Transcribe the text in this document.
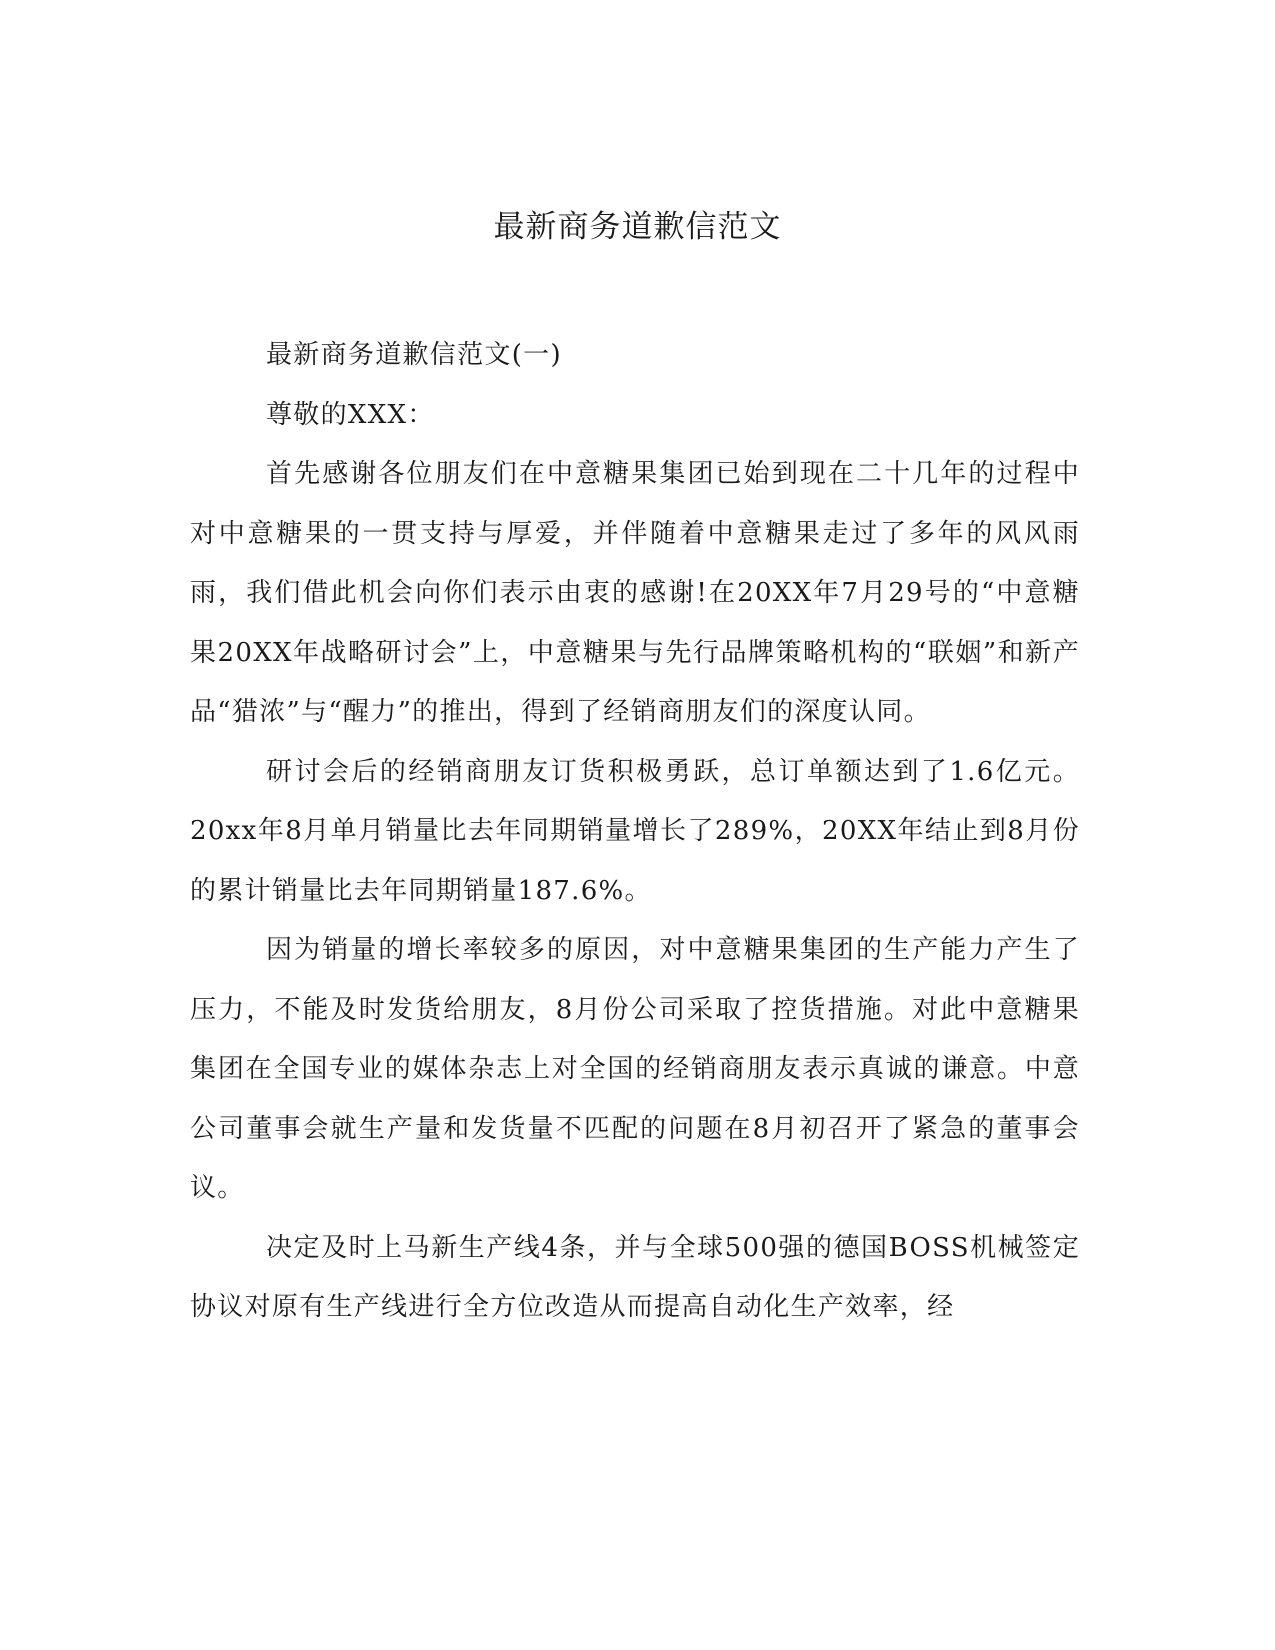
最新商务道歉信范文

最新商务道歉信范文(一)

尊敬的XXX：

首先感谢各位朋友们在中意糖果集团已始到现在二十几年的过程中对中意糖果的一贯支持与厚爱，并伴随着中意糖果走过了多年的风风雨雨，我们借此机会向你们表示由衷的感谢!在20XX年7月29号的“中意糖果20XX年战略研讨会”上，中意糖果与先行品牌策略机构的“联姻”和新产品“猎浓”与“醒力”的推出，得到了经销商朋友们的深度认同。

研讨会后的经销商朋友订货积极勇跃，总订单额达到了1.6亿元。20xx年8月单月销量比去年同期销量增长了289%，20XX年结止到8月份的累计销量比去年同期销量187.6%。

因为销量的增长率较多的原因，对中意糖果集团的生产能力产生了压力，不能及时发货给朋友，8月份公司采取了控货措施。对此中意糖果集团在全国专业的媒体杂志上对全国的经销商朋友表示真诚的谦意。中意公司董事会就生产量和发货量不匹配的问题在8月初召开了紧急的董事会议。

决定及时上马新生产线4条，并与全球500强的德国BOSS机械签定协议对原有生产线进行全方位改造从而提高自动化生产效率，经
